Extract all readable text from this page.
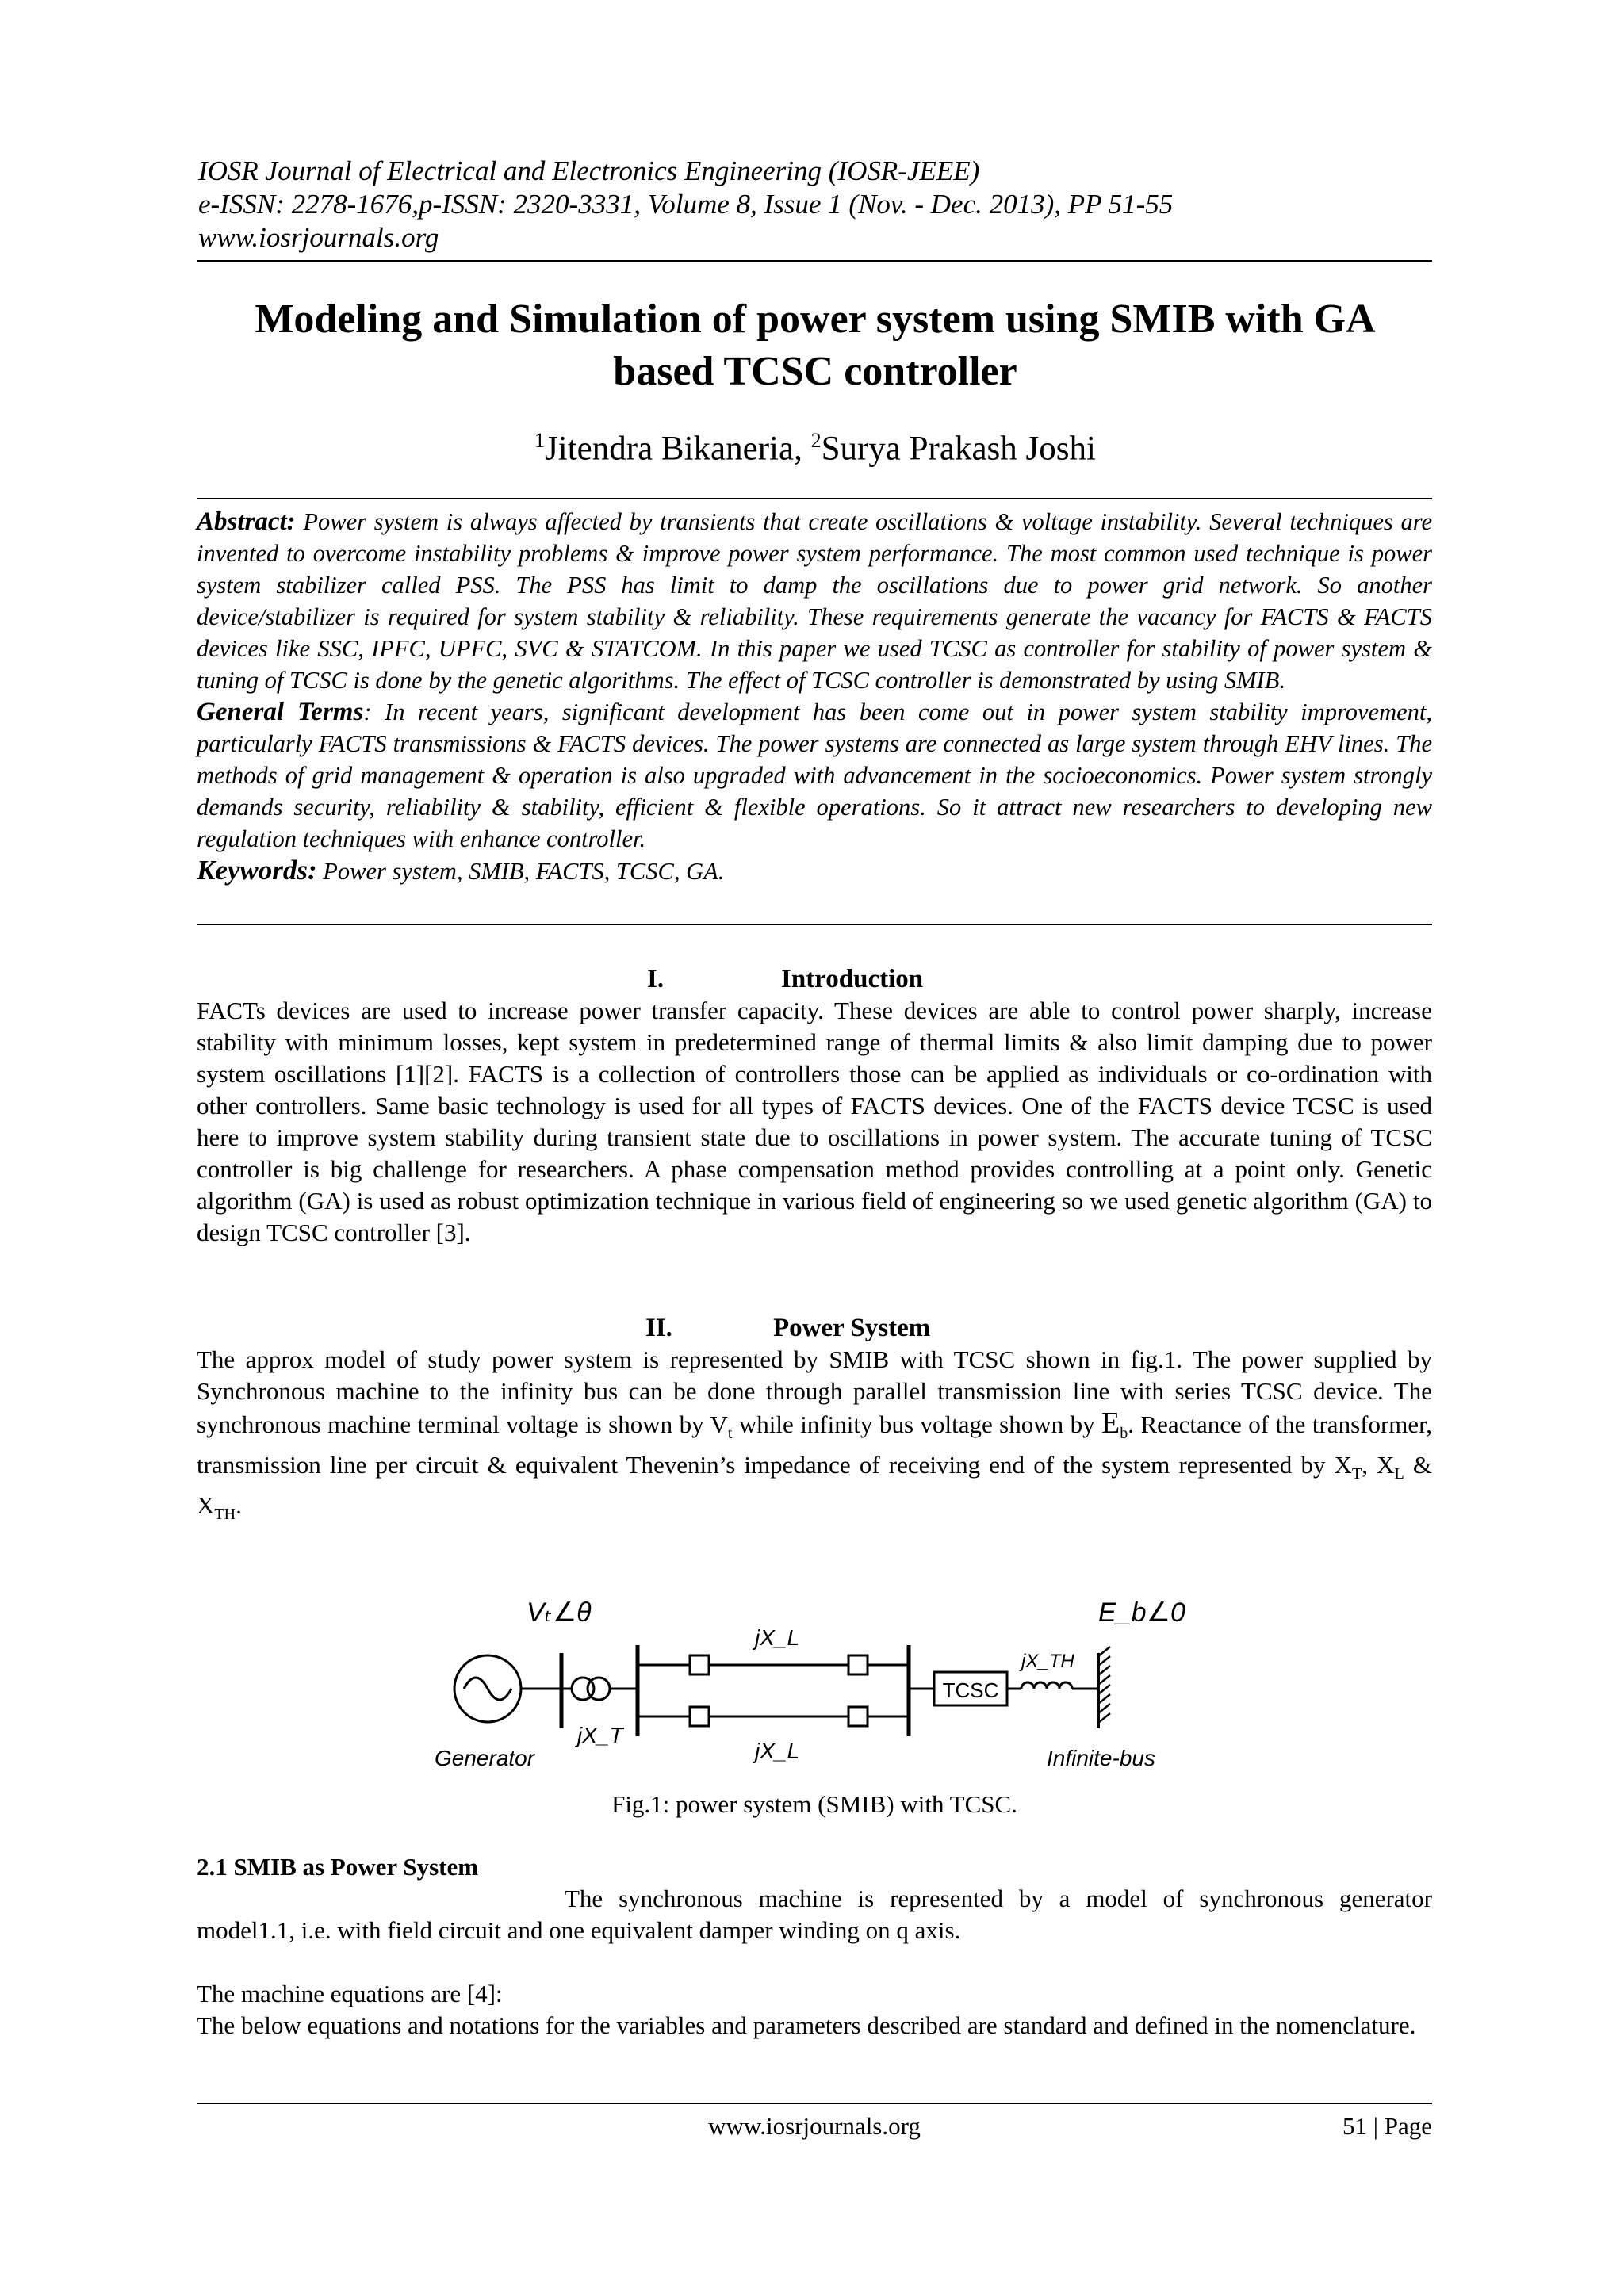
IOSR Journal of Electrical and Electronics Engineering (IOSR-JEEE)
e-ISSN: 2278-1676,p-ISSN: 2320-3331, Volume 8, Issue 1 (Nov. - Dec. 2013), PP 51-55
www.iosrjournals.org
Modeling and Simulation of power system using SMIB with GA
based TCSC controller
$^1$Jitendra Bikaneria, $^2$Surya Prakash Joshi

Abstract: Power system is always affected by transients that create oscillations & voltage instability. Several techniques are invented to overcome instability problems & improve power system performance. The most common used technique is power system stabilizer called PSS. The PSS has limit to damp the oscillations due to power grid network. So another device/stabilizer is required for system stability & reliability. These requirements generate the vacancy for FACTS & FACTS devices like SSC, IPFC, UPFC, SVC & STATCOM. In this paper we used TCSC as controller for stability of power system & tuning of TCSC is done by the genetic algorithms. The effect of TCSC controller is demonstrated by using SMIB.

General Terms: In recent years, significant development has been come out in power system stability improvement, particularly FACTS transmissions & FACTS devices. The power systems are connected as large system through EHV lines. The methods of grid management & operation is also upgraded with advancement in the socioeconomics. Power system strongly demands security, reliability & stability, efficient & flexible operations. So it attract new researchers to developing new regulation techniques with enhance controller.

Keywords: Power system, SMIB, FACTS, TCSC, GA.

I.	Introduction

FACTs devices are used to increase power transfer capacity. These devices are able to control power sharply, increase stability with minimum losses, kept system in predetermined range of thermal limits & also limit damping due to power system oscillations [1][2]. FACTS is a collection of controllers those can be applied as individuals or co-ordination with other controllers. Same basic technology is used for all types of FACTS devices. One of the FACTS device TCSC is used here to improve system stability during transient state due to oscillations in power system. The accurate tuning of TCSC controller is big challenge for researchers. A phase compensation method provides controlling at a point only. Genetic algorithm (GA) is used as robust optimization technique in various field of engineering so we used genetic algorithm (GA) to design TCSC controller [3].

II.	Power System

The approx model of study power system is represented by SMIB with TCSC shown in fig.1. The power supplied by Synchronous machine to the infinity bus can be done through parallel transmission line with series TCSC device. The synchronous machine terminal voltage is shown by $V_t$ while infinity bus voltage shown by $E_b$. Reactance of the transformer, transmission line per circuit & equivalent Thevenin’s impedance of receiving end of the system represented by $X_T$, $X_L$ & $X_{TH}$.

Vₜ∠θ	E_b∠0
jX_L
jX_L
jX_T
jX_TH
TCSC
Generator	Infinite-bus
Fig.1: power system (SMIB) with TCSC.
2.1 SMIB as Power System

The synchronous machine is represented by a model of synchronous generator model1.1, i.e. with field circuit and one equivalent damper winding on q axis.

The machine equations are [4]:

The below equations and notations for the variables and parameters described are standard and defined in the nomenclature.

www.iosrjournals.org	51 | Page
